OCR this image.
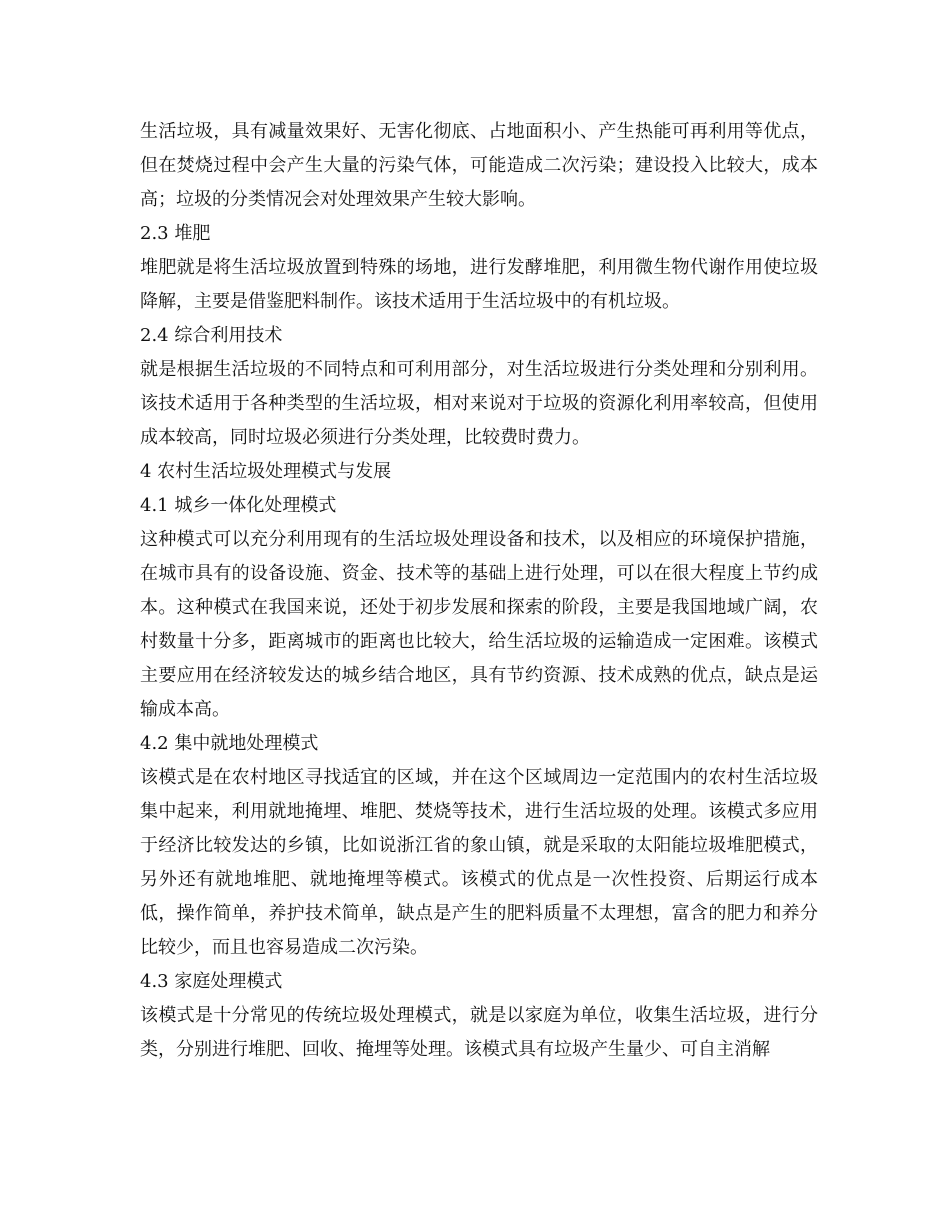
生活垃圾，具有减量效果好、无害化彻底、占地面积小、产生热能可再利用等优点，但在焚烧过程中会产生大量的污染气体，可能造成二次污染；建设投入比较大，成本高；垃圾的分类情况会对处理效果产生较大影响。

2.3 堆肥

堆肥就是将生活垃圾放置到特殊的场地，进行发酵堆肥，利用微生物代谢作用使垃圾降解，主要是借鉴肥料制作。该技术适用于生活垃圾中的有机垃圾。

2.4 综合利用技术

就是根据生活垃圾的不同特点和可利用部分，对生活垃圾进行分类处理和分别利用。该技术适用于各种类型的生活垃圾，相对来说对于垃圾的资源化利用率较高，但使用成本较高，同时垃圾必须进行分类处理，比较费时费力。

4 农村生活垃圾处理模式与发展
4.1 城乡一体化处理模式

这种模式可以充分利用现有的生活垃圾处理设备和技术，以及相应的环境保护措施，在城市具有的设备设施、资金、技术等的基础上进行处理，可以在很大程度上节约成本。这种模式在我国来说，还处于初步发展和探索的阶段，主要是我国地域广阔，农村数量十分多，距离城市的距离也比较大，给生活垃圾的运输造成一定困难。该模式主要应用在经济较发达的城乡结合地区，具有节约资源、技术成熟的优点，缺点是运输成本高。

4.2 集中就地处理模式

该模式是在农村地区寻找适宜的区域，并在这个区域周边一定范围内的农村生活垃圾集中起来，利用就地掩埋、堆肥、焚烧等技术，进行生活垃圾的处理。该模式多应用于经济比较发达的乡镇，比如说浙江省的象山镇，就是采取的太阳能垃圾堆肥模式，另外还有就地堆肥、就地掩埋等模式。该模式的优点是一次性投资、后期运行成本低，操作简单，养护技术简单，缺点是产生的肥料质量不太理想，富含的肥力和养分比较少，而且也容易造成二次污染。

4.3 家庭处理模式

该模式是十分常见的传统垃圾处理模式，就是以家庭为单位，收集生活垃圾，进行分类，分别进行堆肥、回收、掩埋等处理。该模式具有垃圾产生量少、可自主消解
